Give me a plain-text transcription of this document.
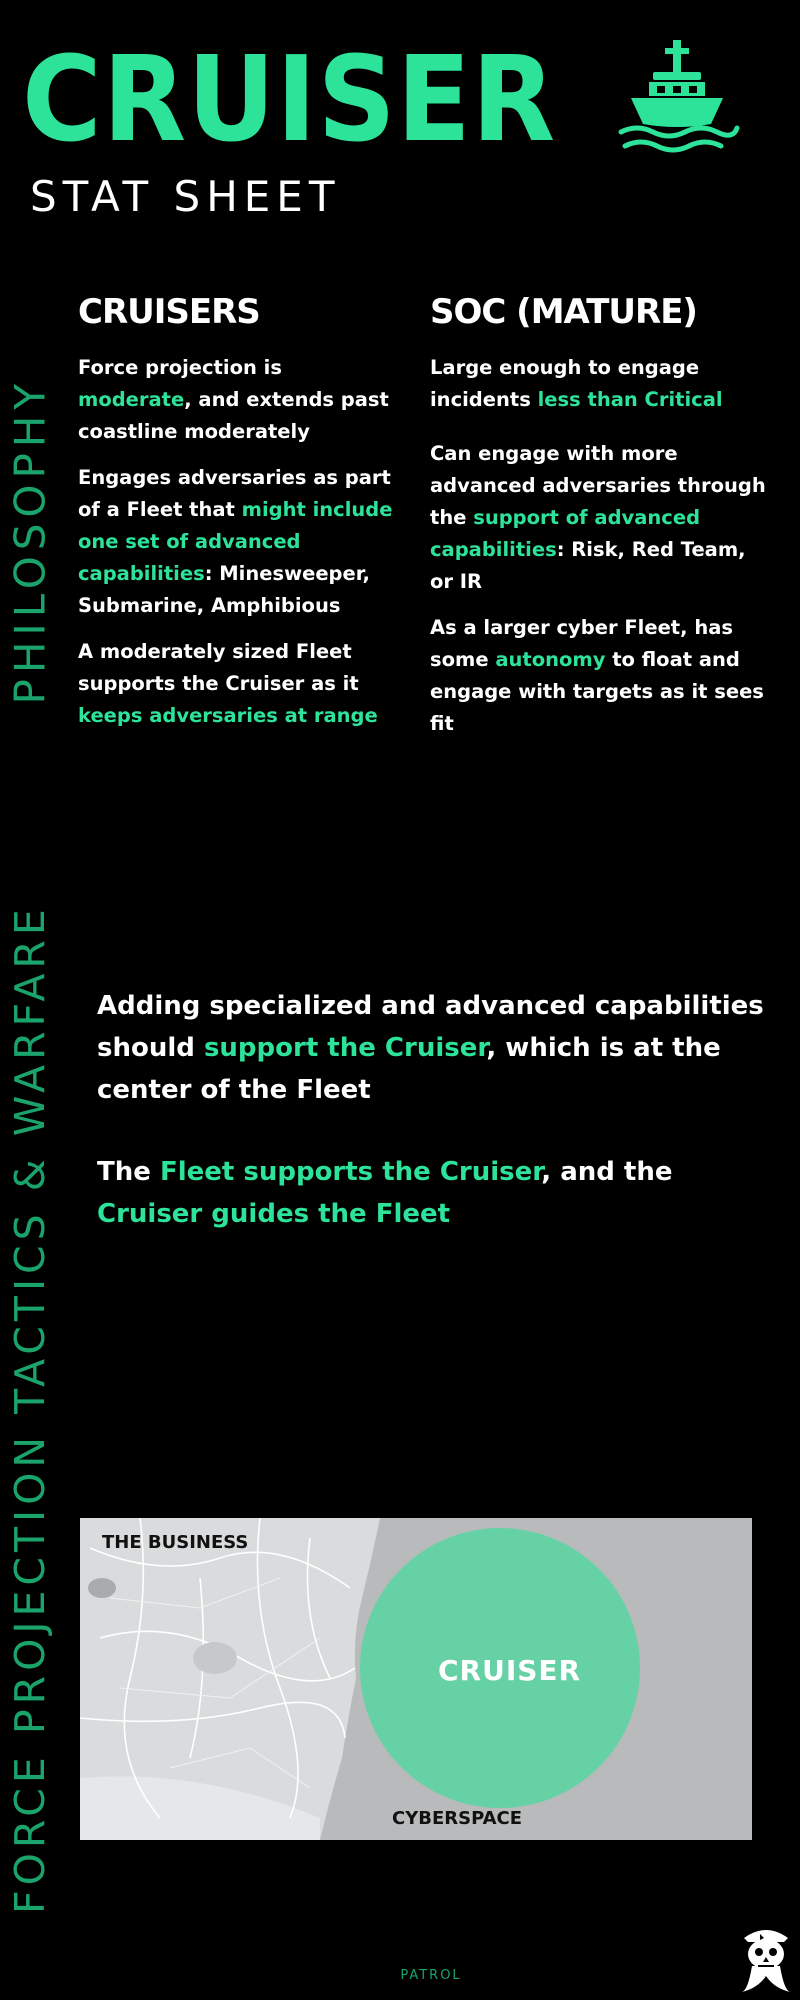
CRUISER
STAT SHEET
PHILOSOPHY
FORCE PROJECTION TACTICS & WARFARE
CRUISERS

Force projection is moderate, and extends past coastline moderately

Engages adversaries as part of a Fleet that might include one set of advanced capabilities: Minesweeper, Submarine, Amphibious

A moderately sized Fleet supports the Cruiser as it keeps adversaries at range

SOC (MATURE)

Large enough to engage incidents less than Critical

Can engage with more advanced adversaries through the support of advanced capabilities: Risk, Red Team, or IR

As a larger cyber Fleet, has some autonomy to float and engage with targets as it sees fit

Adding specialized and advanced capabilities should support the Cruiser, which is at the center of the Fleet

The Fleet supports the Cruiser, and the Cruiser guides the Fleet

THE BUSINESS
CYBERSPACE
CRUISER
PATROL
